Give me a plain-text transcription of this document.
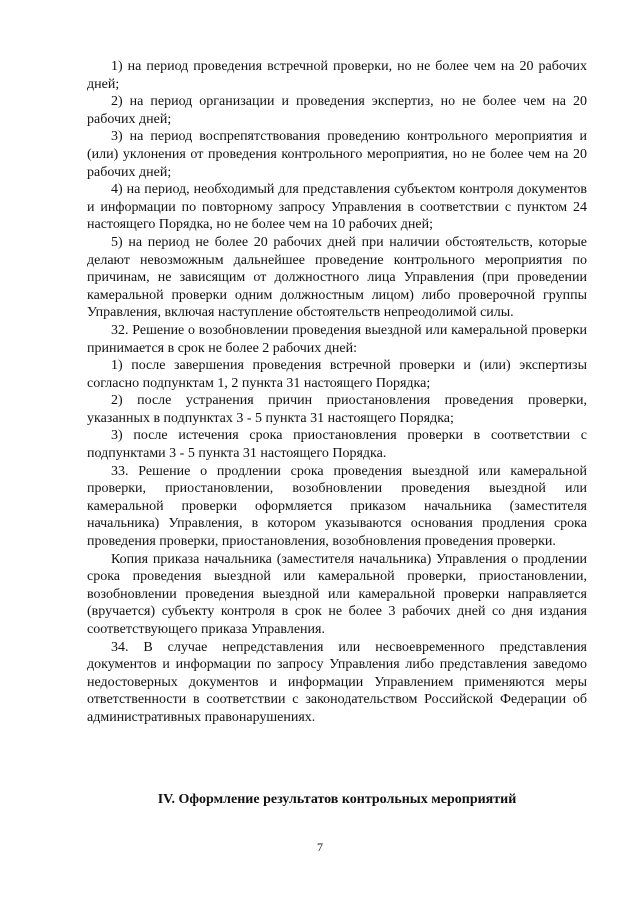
1) на период проведения встречной проверки, но не более чем на 20 рабочих дней;

2) на период организации и проведения экспертиз, но не более чем на 20 рабочих дней;

3) на период воспрепятствования проведению контрольного мероприятия и (или) уклонения от проведения контрольного мероприятия, но не более чем на 20 рабочих дней;

4) на период, необходимый для представления субъектом контроля документов и информации по повторному запросу Управления в соответствии с пунктом 24 настоящего Порядка, но не более чем на 10 рабочих дней;

5) на период не более 20 рабочих дней при наличии обстоятельств, которые делают невозможным дальнейшее проведение контрольного мероприятия по причинам, не зависящим от должностного лица Управления (при проведении камеральной проверки одним должностным лицом) либо проверочной группы Управления, включая наступление обстоятельств непреодолимой силы.

32. Решение о возобновлении проведения выездной или камеральной проверки принимается в срок не более 2 рабочих дней:

1) после завершения проведения встречной проверки и (или) экспертизы согласно подпунктам 1, 2 пункта 31 настоящего Порядка;

2) после устранения причин приостановления проведения проверки, указанных в подпунктах 3 - 5 пункта 31 настоящего Порядка;

3) после истечения срока приостановления проверки в соответствии с подпунктами 3 - 5 пункта 31 настоящего Порядка.

33. Решение о продлении срока проведения выездной или камеральной проверки, приостановлении, возобновлении проведения выездной или камеральной проверки оформляется приказом начальника (заместителя начальника) Управления, в котором указываются основания продления срока проведения проверки, приостановления, возобновления проведения проверки.

Копия приказа начальника (заместителя начальника) Управления о продлении срока проведения выездной или камеральной проверки, приостановлении, возобновлении проведения выездной или камеральной проверки направляется (вручается) субъекту контроля в срок не более 3 рабочих дней со дня издания соответствующего приказа Управления.

34. В случае непредставления или несвоевременного представления документов и информации по запросу Управления либо представления заведомо недостоверных документов и информации Управлением применяются меры ответственности в соответствии с законодательством Российской Федерации об административных правонарушениях.

IV. Оформление результатов контрольных мероприятий
7
